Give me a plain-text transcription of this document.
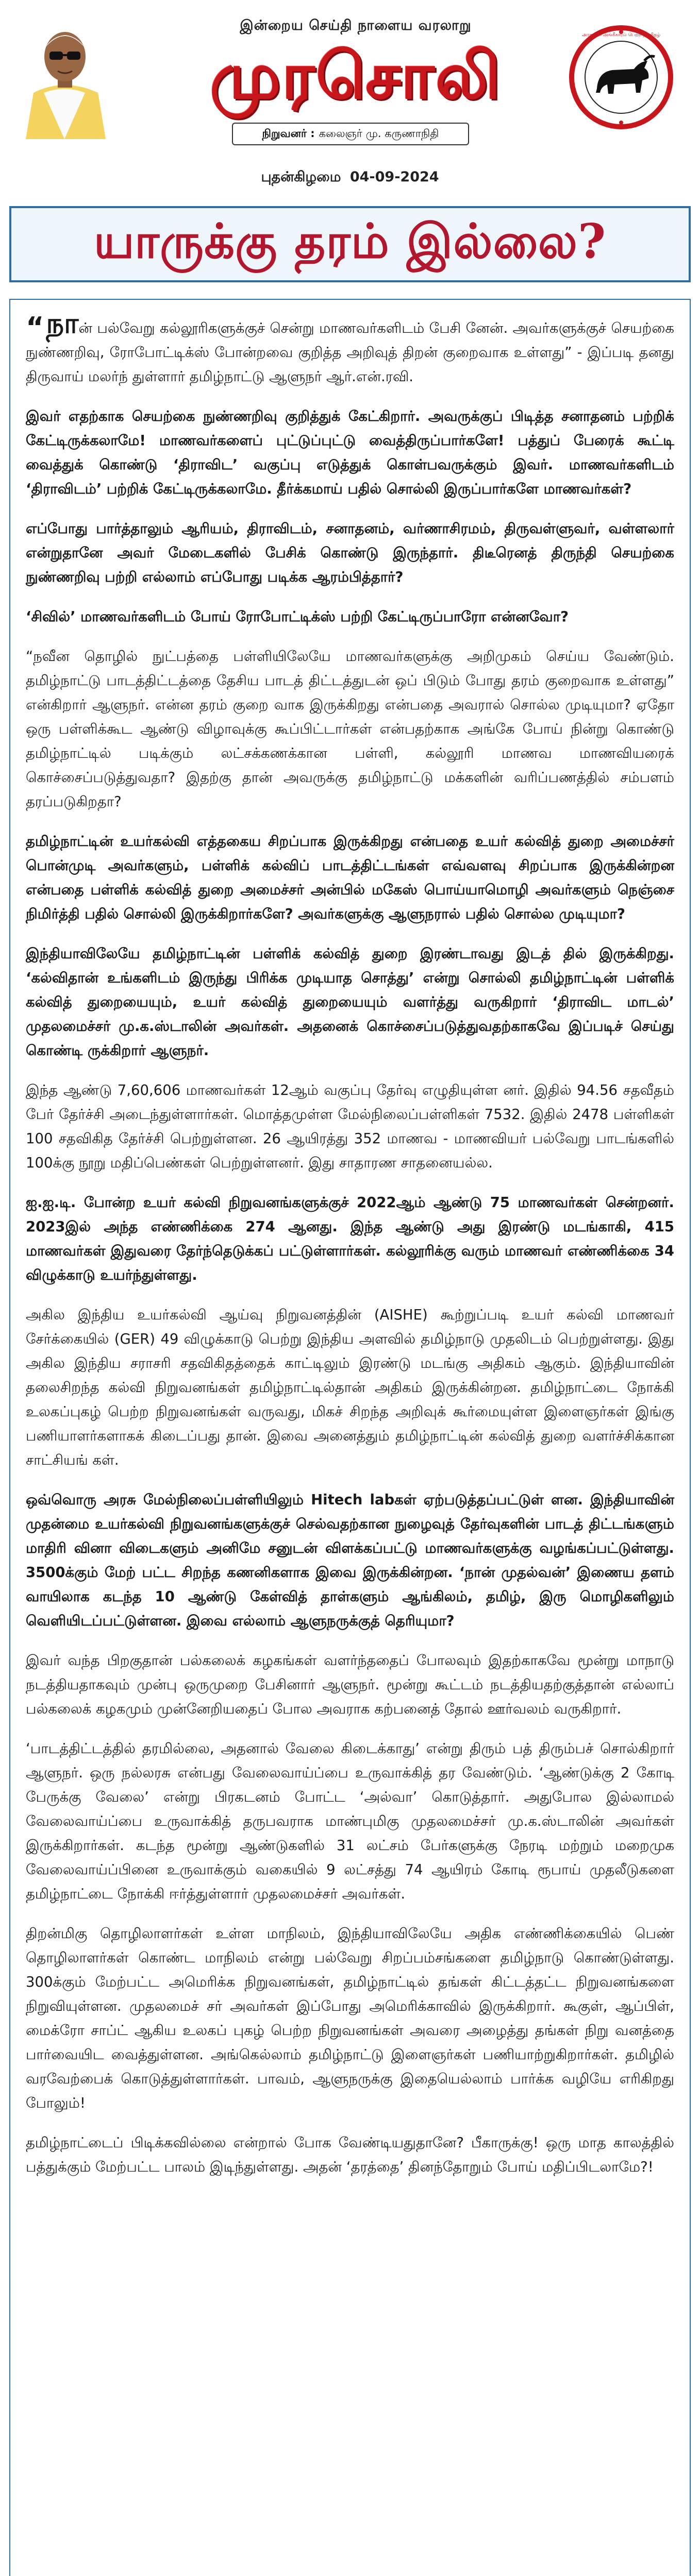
இன்றைய செய்தி நாளைய வரலாறு
முரசொலி
நிறுவனர் : கலைஞர் மு. கருணாநிதி
அரசாங்க அங்கீகாரம் பெற்ற நாளிதழ்
புதன்கிழமை 04-09-2024
யாருக்கு தரம் இல்லை?

“நான் பல்வேறு கல்லூரிகளுக்குச் சென்று மாணவர்களிடம் பேசி னேன். அவர்களுக்குச் செயற்கை நுண்ணறிவு, ரோபோட்டிக்ஸ் போன்றவை குறித்த அறிவுத் திறன் குறைவாக உள்ளது” - இப்படி தனது திருவாய் மலர்ந் துள்ளார் தமிழ்நாட்டு ஆளுநர் ஆர்.என்.ரவி.

இவர் எதற்காக செயற்கை நுண்ணறிவு குறித்துக் கேட்கிறார். அவருக்குப் பிடித்த சனாதனம் பற்றிக் கேட்டிருக்கலாமே! மாணவர்களைப் புட்டுப்புட்டு வைத்திருப்பார்களே! பத்துப் பேரைக் கூட்டி வைத்துக் கொண்டு ‘திராவிட’ வகுப்பு எடுத்துக் கொள்பவருக்கும் இவர். மாணவர்களிடம் ‘திராவிடம்’ பற்றிக் கேட்டிருக்கலாமே. தீர்க்கமாய் பதில் சொல்லி இருப்பார்களே மாணவர்கள்?

எப்போது பார்த்தாலும் ஆரியம், திராவிடம், சனாதனம், வர்ணாசிரமம், திருவள்ளுவர், வள்ளலார் என்றுதானே அவர் மேடைகளில் பேசிக் கொண்டு இருந்தார். திடீரெனத் திருந்தி செயற்கை நுண்ணறிவு பற்றி எல்லாம் எப்போது படிக்க ஆரம்பித்தார்?

‘சிவில்’ மாணவர்களிடம் போய் ரோபோட்டிக்ஸ் பற்றி கேட்டிருப்பாரோ என்னவோ?

“நவீன தொழில் நுட்பத்தை பள்ளியிலேயே மாணவர்களுக்கு அறிமுகம் செய்ய வேண்டும். தமிழ்நாட்டு பாடத்திட்டத்தை தேசிய பாடத் திட்டத்துடன் ஒப் பிடும் போது தரம் குறைவாக உள்ளது” என்கிறார் ஆளுநர். என்ன தரம் குறை வாக இருக்கிறது என்பதை அவரால் சொல்ல முடியுமா? ஏதோ ஒரு பள்ளிக்கூட ஆண்டு விழாவுக்கு கூப்பிட்டார்கள் என்பதற்காக அங்கே போய் நின்று கொண்டு தமிழ்நாட்டில் படிக்கும் லட்சக்கணக்கான பள்ளி, கல்லூரி மாணவ மாணவியரைக் கொச்சைப்படுத்துவதா? இதற்கு தான் அவருக்கு தமிழ்நாட்டு மக்களின் வரிப்பணத்தில் சம்பளம் தரப்படுகிறதா?

தமிழ்நாட்டின் உயர்கல்வி எத்தகைய சிறப்பாக இருக்கிறது என்பதை உயர் கல்வித் துறை அமைச்சர் பொன்முடி அவர்களும், பள்ளிக் கல்விப் பாடத்திட்டங்கள் எவ்வளவு சிறப்பாக இருக்கின்றன என்பதை பள்ளிக் கல்வித் துறை அமைச்சர் அன்பில் மகேஸ் பொய்யாமொழி அவர்களும் நெஞ்சை நிமிர்த்தி பதில் சொல்லி இருக்கிறார்களே? அவர்களுக்கு ஆளுநரால் பதில் சொல்ல முடியுமா?

இந்தியாவிலேயே தமிழ்நாட்டின் பள்ளிக் கல்வித் துறை இரண்டாவது இடத் தில் இருக்கிறது. ‘கல்விதான் உங்களிடம் இருந்து பிரிக்க முடியாத சொத்து’ என்று சொல்லி தமிழ்நாட்டின் பள்ளிக் கல்வித் துறையையும், உயர் கல்வித் துறையையும் வளர்த்து வருகிறார் ‘திராவிட மாடல்’ முதலமைச்சர் மு.க.ஸ்டாலின் அவர்கள். அதனைக் கொச்சைப்படுத்துவதற்காகவே இப்படிச் செய்து கொண்டி ருக்கிறார் ஆளுநர்.

இந்த ஆண்டு 7,60,606 மாணவர்கள் 12ஆம் வகுப்பு தேர்வு எழுதியுள்ள னர். இதில் 94.56 சதவீதம் பேர் தேர்ச்சி அடைந்துள்ளார்கள். மொத்தமுள்ள மேல்நிலைப்பள்ளிகள் 7532. இதில் 2478 பள்ளிகள் 100 சதவிகித தேர்ச்சி பெற்றுள்ளன. 26 ஆயிரத்து 352 மாணவ - மாணவியர் பல்வேறு பாடங்களில் 100க்கு நூறு மதிப்பெண்கள் பெற்றுள்ளனர். இது சாதாரண சாதனையல்ல.

ஐ.ஐ.டி. போன்ற உயர் கல்வி நிறுவனங்களுக்குச் 2022ஆம் ஆண்டு 75 மாணவர்கள் சென்றனர். 2023இல் அந்த எண்ணிக்கை 274 ஆனது. இந்த ஆண்டு அது இரண்டு மடங்காகி, 415 மாணவர்கள் இதுவரை தேர்ந்தெடுக்கப் பட்டுள்ளார்கள். கல்லூரிக்கு வரும் மாணவர் எண்ணிக்கை 34 விழுக்காடு உயர்ந்துள்ளது.

அகில இந்திய உயர்கல்வி ஆய்வு நிறுவனத்தின் (AISHE) கூற்றுப்படி உயர் கல்வி மாணவர் சேர்க்கையில் (GER) 49 விழுக்காடு பெற்று இந்திய அளவில் தமிழ்நாடு முதலிடம் பெற்றுள்ளது. இது அகில இந்திய சராசரி சதவிகிதத்தைக் காட்டிலும் இரண்டு மடங்கு அதிகம் ஆகும். இந்தியாவின் தலைசிறந்த கல்வி நிறுவனங்கள் தமிழ்நாட்டில்தான் அதிகம் இருக்கின்றன. தமிழ்நாட்டை நோக்கி உலகப்புகழ் பெற்ற நிறுவனங்கள் வருவது, மிகச் சிறந்த அறிவுக் கூர்மையுள்ள இளைஞர்கள் இங்கு பணியாளர்களாகக் கிடைப்பது தான். இவை அனைத்தும் தமிழ்நாட்டின் கல்வித் துறை வளர்ச்சிக்கான சாட்சியங் கள்.

ஒவ்வொரு அரசு மேல்நிலைப்பள்ளியிலும் Hitech labகள் ஏற்படுத்தப்பட்டுள் ளன. இந்தியாவின் முதன்மை உயர்கல்வி நிறுவனங்களுக்குச் செல்வதற்கான நுழைவுத் தேர்வுகளின் பாடத் திட்டங்களும் மாதிரி வினா விடைகளும் அனிமே சனுடன் விளக்கப்பட்டு மாணவர்களுக்கு வழங்கப்பட்டுள்ளது. 3500க்கும் மேற் பட்ட சிறந்த கணனிகளாக இவை இருக்கின்றன. ‘நான் முதல்வன்’ இணைய தளம் வாயிலாக கடந்த 10 ஆண்டு கேள்வித் தாள்களும் ஆங்கிலம், தமிழ், இரு மொழிகளிலும் வெளியிடப்பட்டுள்ளன. இவை எல்லாம் ஆளுநருக்குத் தெரியுமா?

இவர் வந்த பிறகுதான் பல்கலைக் கழகங்கள் வளர்ந்ததைப் போலவும் இதற்காகவே மூன்று மாநாடு நடத்தியதாகவும் முன்பு ஒருமுறை பேசினார் ஆளுநர். மூன்று கூட்டம் நடத்தியதற்குத்தான் எல்லாப் பல்கலைக் கழகமும் முன்னேறியதைப் போல அவராக கற்பனைத் தோல் ஊர்வலம் வருகிறார்.

‘பாடத்திட்டத்தில் தரமில்லை, அதனால் வேலை கிடைக்காது’ என்று திரும் பத் திரும்பச் சொல்கிறார் ஆளுநர். ஒரு நல்லரசு என்பது வேலைவாய்ப்பை உருவாக்கித் தர வேண்டும். ‘ஆண்டுக்கு 2 கோடி பேருக்கு வேலை’ என்று பிரகடனம் போட்ட ‘அல்வா’ கொடுத்தார். அதுபோல இல்லாமல் வேலைவாய்ப்பை உருவாக்கித் தருபவராக மாண்புமிகு முதலமைச்சர் மு.க.ஸ்டாலின் அவர்கள் இருக்கிறார்கள். கடந்த மூன்று ஆண்டுகளில் 31 லட்சம் பேர்களுக்கு நேரடி மற்றும் மறைமுக வேலைவாய்ப்பினை உருவாக்கும் வகையில் 9 லட்சத்து 74 ஆயிரம் கோடி ரூபாய் முதலீடுகளை தமிழ்நாட்டை நோக்கி ஈர்த்துள்ளார் முதலமைச்சர் அவர்கள்.

திறன்மிகு தொழிலாளர்கள் உள்ள மாநிலம், இந்தியாவிலேயே அதிக எண்ணிக்கையில் பெண் தொழிலாளர்கள் கொண்ட மாநிலம் என்று பல்வேறு சிறப்பம்சங்களை தமிழ்நாடு கொண்டுள்ளது. 300க்கும் மேற்பட்ட அமெரிக்க நிறுவனங்கள், தமிழ்நாட்டில் தங்கள் கிட்டத்தட்ட நிறுவனங்களை நிறுவியுள்ளன. முதலமைச் சர் அவர்கள் இப்போது அமெரிக்காவில் இருக்கிறார். கூகுள், ஆப்பிள், மைக்ரோ சாப்ட் ஆகிய உலகப் புகழ் பெற்ற நிறுவனங்கள் அவரை அழைத்து தங்கள் நிறு வனத்தை பார்வையிட வைத்துள்ளன. அங்கெல்லாம் தமிழ்நாட்டு இளைஞர்கள் பணியாற்றுகிறார்கள். தமிழில் வரவேற்பைக் கொடுத்துள்ளார்கள். பாவம், ஆளுநருக்கு இதையெல்லாம் பார்க்க வழியே எரிகிறது போலும்!

தமிழ்நாட்டைப் பிடிக்கவில்லை என்றால் போக வேண்டியதுதானே? பீகாருக்கு! ஒரு மாத காலத்தில் பத்துக்கும் மேற்பட்ட பாலம் இடிந்துள்ளது. அதன் ‘தரத்தை’ தினந்தோறும் போய் மதிப்பிடலாமே?!
